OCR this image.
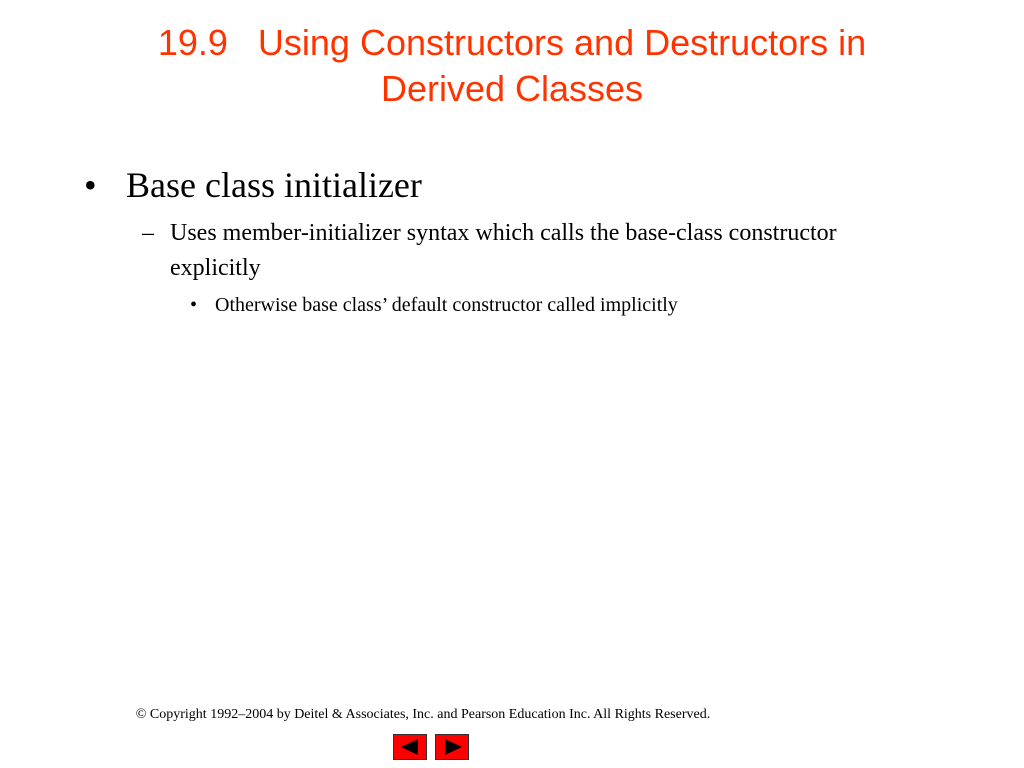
19.9   Using Constructors and Destructors in
Derived Classes
• Base class initializer
– Uses member-initializer syntax which calls the base-class constructor explicitly
• Otherwise base class’ default constructor called implicitly
© Copyright 1992–2004 by Deitel & Associates, Inc. and Pearson Education Inc. All Rights Reserved.
